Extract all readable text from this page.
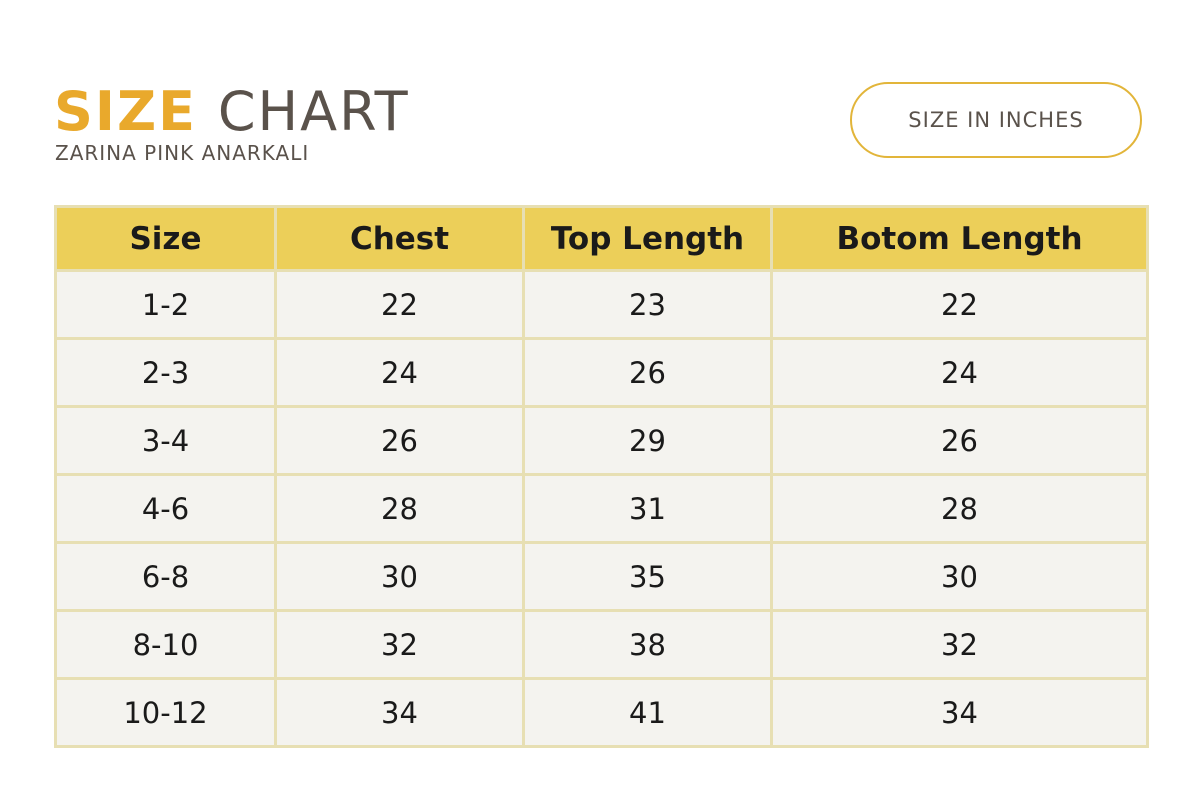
SIZE CHART
ZARINA PINK ANARKALI
SIZE IN INCHES
Size	Chest	Top Length	Botom Length
1-2	22	23	22
2-3	24	26	24
3-4	26	29	26
4-6	28	31	28
6-8	30	35	30
8-10	32	38	32
10-12	34	41	34
